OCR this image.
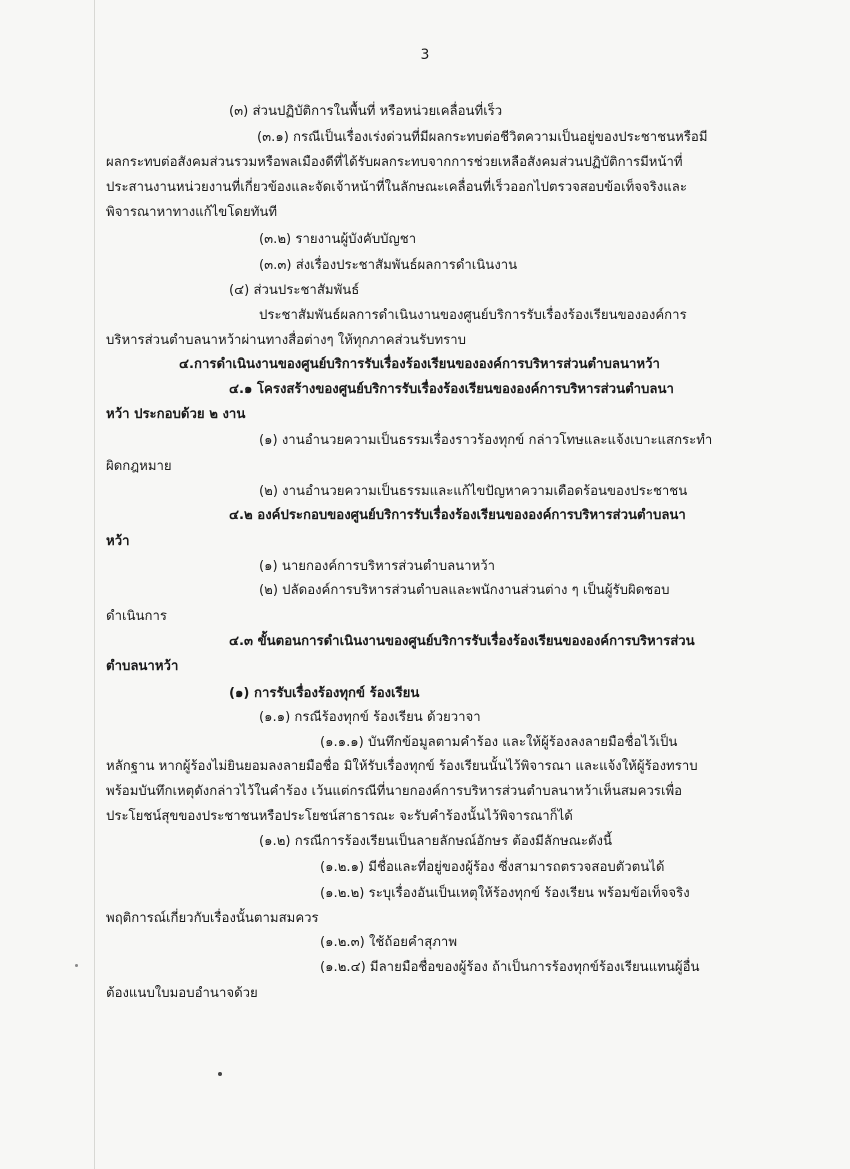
3
(๓) ส่วนปฏิบัติการในพื้นที่ หรือหน่วยเคลื่อนที่เร็ว
(๓.๑) กรณีเป็นเรื่องเร่งด่วนที่มีผลกระทบต่อชีวิตความเป็นอยู่ของประชาชนหรือมี
ผลกระทบต่อสังคมส่วนรวมหรือพลเมืองดีที่ได้รับผลกระทบจากการช่วยเหลือสังคมส่วนปฏิบัติการมีหน้าที่
ประสานงานหน่วยงานที่เกี่ยวข้องและจัดเจ้าหน้าที่ในลักษณะเคลื่อนที่เร็วออกไปตรวจสอบข้อเท็จจริงและ
พิจารณาหาทางแก้ไขโดยทันที
(๓.๒) รายงานผู้บังคับบัญชา
(๓.๓) ส่งเรื่องประชาสัมพันธ์ผลการดำเนินงาน
(๔) ส่วนประชาสัมพันธ์
ประชาสัมพันธ์ผลการดำเนินงานของศูนย์บริการรับเรื่องร้องเรียนขององค์การ
บริหารส่วนตำบลนาหว้าผ่านทางสื่อต่างๆ ให้ทุกภาคส่วนรับทราบ
๔.การดำเนินงานของศูนย์บริการรับเรื่องร้องเรียนขององค์การบริหารส่วนตำบลนาหว้า
๔.๑ โครงสร้างของศูนย์บริการรับเรื่องร้องเรียนขององค์การบริหารส่วนตำบลนา
หว้า ประกอบด้วย ๒ งาน
(๑) งานอำนวยความเป็นธรรมเรื่องราวร้องทุกข์ กล่าวโทษและแจ้งเบาะแสกระทำ
ผิดกฎหมาย
(๒) งานอำนวยความเป็นธรรมและแก้ไขปัญหาความเดือดร้อนของประชาชน
๔.๒ องค์ประกอบของศูนย์บริการรับเรื่องร้องเรียนขององค์การบริหารส่วนตำบลนา
หว้า
(๑) นายกองค์การบริหารส่วนตำบลนาหว้า
(๒) ปลัดองค์การบริหารส่วนตำบลและพนักงานส่วนต่าง ๆ เป็นผู้รับผิดชอบ
ดำเนินการ
๔.๓ ขั้นตอนการดำเนินงานของศูนย์บริการรับเรื่องร้องเรียนขององค์การบริหารส่วน
ตำบลนาหว้า
(๑) การรับเรื่องร้องทุกข์ ร้องเรียน
(๑.๑) กรณีร้องทุกข์ ร้องเรียน ด้วยวาจา
(๑.๑.๑) บันทึกข้อมูลตามคำร้อง และให้ผู้ร้องลงลายมือชื่อไว้เป็น
หลักฐาน หากผู้ร้องไม่ยินยอมลงลายมือชื่อ มิให้รับเรื่องทุกข์ ร้องเรียนนั้นไว้พิจารณา และแจ้งให้ผู้ร้องทราบ
พร้อมบันทึกเหตุดังกล่าวไว้ในคำร้อง เว้นแต่กรณีที่นายกองค์การบริหารส่วนตำบลนาหว้าเห็นสมควรเพื่อ
ประโยชน์สุขของประชาชนหรือประโยชน์สาธารณะ จะรับคำร้องนั้นไว้พิจารณาก็ได้
(๑.๒) กรณีการร้องเรียนเป็นลายลักษณ์อักษร ต้องมีลักษณะดังนี้
(๑.๒.๑) มีชื่อและที่อยู่ของผู้ร้อง ซึ่งสามารถตรวจสอบตัวตนได้
(๑.๒.๒) ระบุเรื่องอันเป็นเหตุให้ร้องทุกข์ ร้องเรียน พร้อมข้อเท็จจริง
พฤติการณ์เกี่ยวกับเรื่องนั้นตามสมควร
(๑.๒.๓) ใช้ถ้อยคำสุภาพ
(๑.๒.๔) มีลายมือชื่อของผู้ร้อง ถ้าเป็นการร้องทุกข์ร้องเรียนแทนผู้อื่น
ต้องแนบใบมอบอำนาจด้วย
